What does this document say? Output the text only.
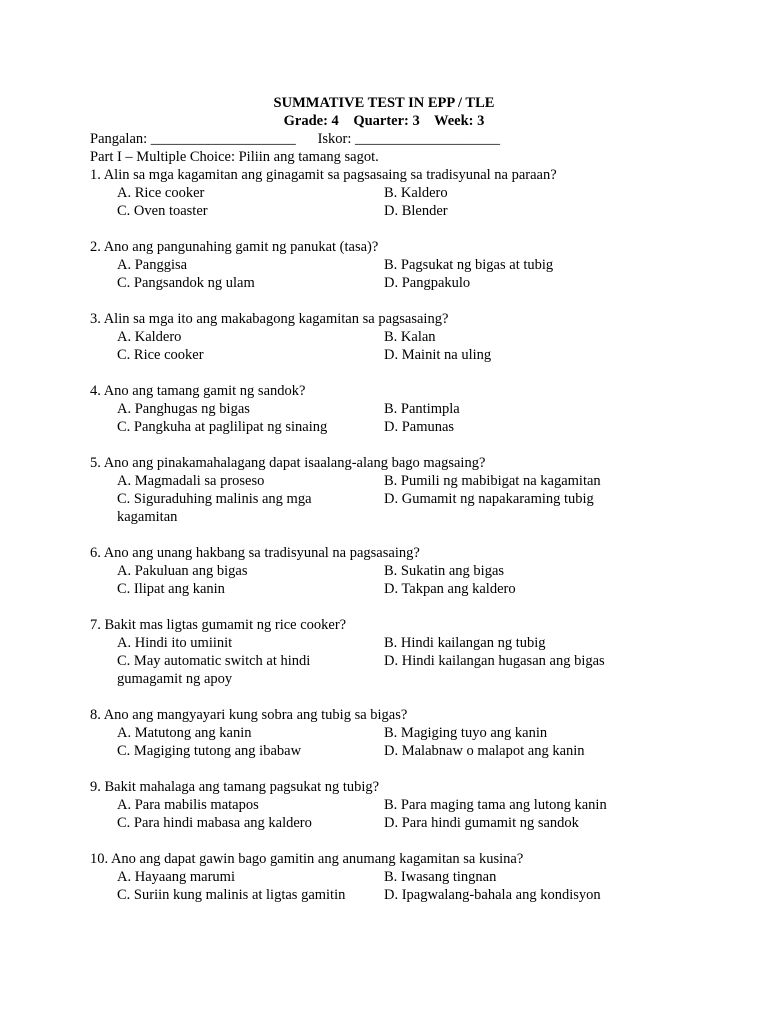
SUMMATIVE TEST IN EPP / TLE
Grade: 4 Quarter: 3 Week: 3
Pangalan: ____________________ Iskor: ____________________
Part I – Multiple Choice: Piliin ang tamang sagot.
1. Alin sa mga kagamitan ang ginagamit sa pagsasaing sa tradisyunal na paraan?
A. Rice cooker	B. Kaldero
C. Oven toaster	D. Blender
2. Ano ang pangunahing gamit ng panukat (tasa)?
A. Panggisa	B. Pagsukat ng bigas at tubig
C. Pangsandok ng ulam	D. Pangpakulo
3. Alin sa mga ito ang makabagong kagamitan sa pagsasaing?
A. Kaldero	B. Kalan
C. Rice cooker	D. Mainit na uling
4. Ano ang tamang gamit ng sandok?
A. Panghugas ng bigas	B. Pantimpla
C. Pangkuha at paglilipat ng sinaing	D. Pamunas
5. Ano ang pinakamahalagang dapat isaalang-alang bago magsaing?
A. Magmadali sa proseso	B. Pumili ng mabibigat na kagamitan
C. Siguraduhing malinis ang mga	D. Gumamit ng napakaraming tubig
kagamitan
6. Ano ang unang hakbang sa tradisyunal na pagsasaing?
A. Pakuluan ang bigas	B. Sukatin ang bigas
C. Ilipat ang kanin	D. Takpan ang kaldero
7. Bakit mas ligtas gumamit ng rice cooker?
A. Hindi ito umiinit	B. Hindi kailangan ng tubig
C. May automatic switch at hindi	D. Hindi kailangan hugasan ang bigas
gumagamit ng apoy
8. Ano ang mangyayari kung sobra ang tubig sa bigas?
A. Matutong ang kanin	B. Magiging tuyo ang kanin
C. Magiging tutong ang ibabaw	D. Malabnaw o malapot ang kanin
9. Bakit mahalaga ang tamang pagsukat ng tubig?
A. Para mabilis matapos	B. Para maging tama ang lutong kanin
C. Para hindi mabasa ang kaldero	D. Para hindi gumamit ng sandok
10. Ano ang dapat gawin bago gamitin ang anumang kagamitan sa kusina?
A. Hayaang marumi	B. Iwasang tingnan
C. Suriin kung malinis at ligtas gamitin	D. Ipagwalang-bahala ang kondisyon
